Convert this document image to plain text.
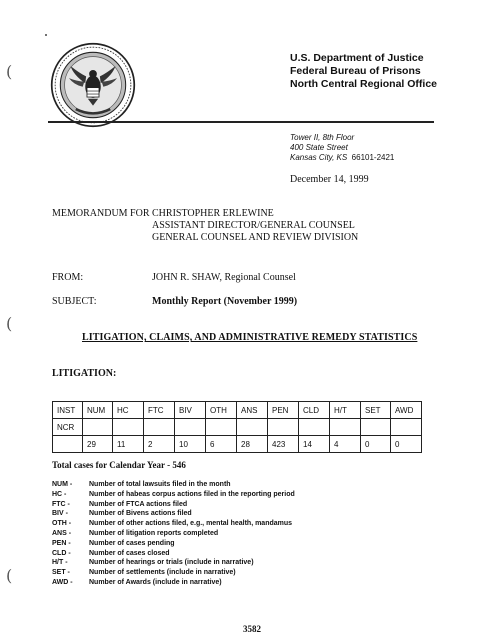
(
(
(
U.S. Department of Justice
Federal Bureau of Prisons
North Central Regional Office
Tower II, 8th Floor
400 State Street
Kansas City, KS 66101-2421
December 14, 1999
MEMORANDUM FOR CHRISTOPHER ERLEWINE
ASSISTANT DIRECTOR/GENERAL COUNSEL
GENERAL COUNSEL AND REVIEW DIVISION
FROM:	JOHN R. SHAW, Regional Counsel
SUBJECT:	Monthly Report (November 1999)
LITIGATION, CLAIMS, AND ADMINISTRATIVE REMEDY STATISTICS
LITIGATION:
INST	NUM	HC	FTC	BIV	OTH	ANS	PEN	CLD	H/T	SET	AWD
NCR											
	29	11	2	10	6	28	423	14	4	0	0
Total cases for Calendar Year - 546
NUM -	Number of total lawsuits filed in the month
HC -	Number of habeas corpus actions filed in the reporting period
FTC -	Number of FTCA actions filed
BIV -	Number of Bivens actions filed
OTH -	Number of other actions filed, e.g., mental health, mandamus
ANS -	Number of litigation reports completed
PEN -	Number of cases pending
CLD -	Number of cases closed
H/T -	Number of hearings or trials (include in narrative)
SET -	Number of settlements (include in narrative)
AWD -	Number of Awards (include in narrative)
3582
